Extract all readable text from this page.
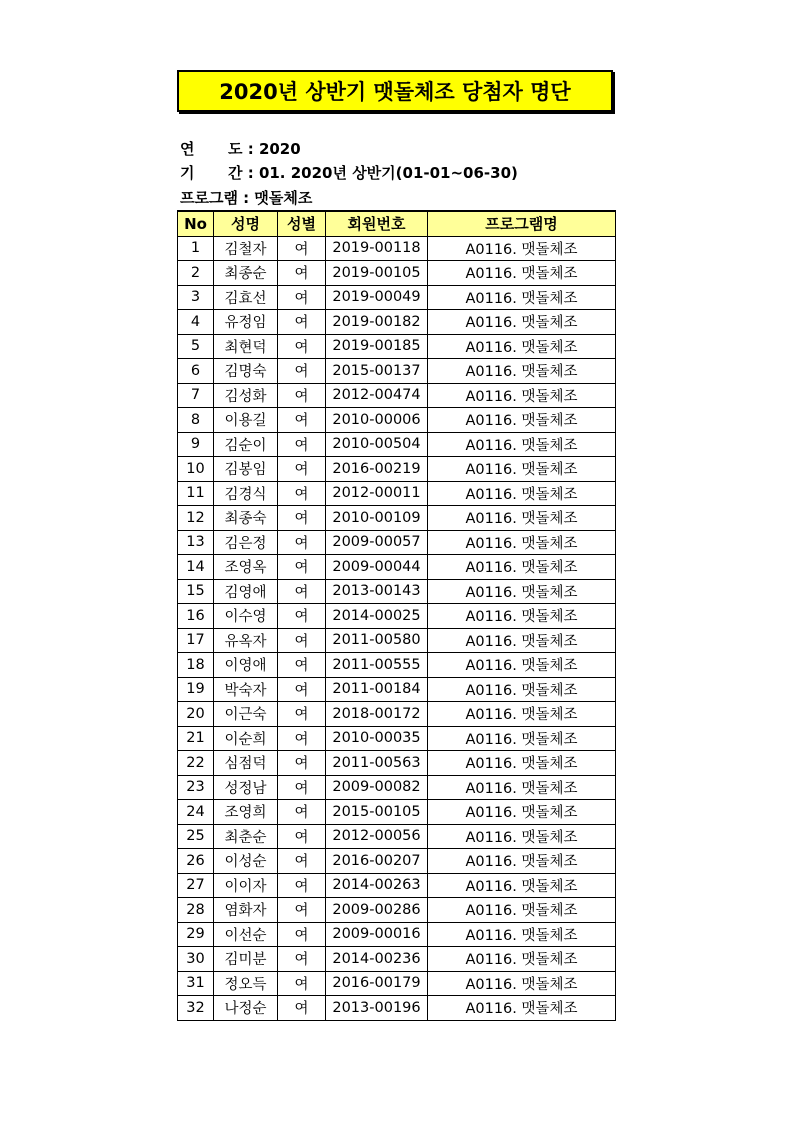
2020년 상반기 맷돌체조 당첨자 명단
연 도 : 2020
기 간 : 01. 2020년 상반기(01-01~06-30)
프로그램 : 맷돌체조
No	성명	성별	회원번호	프로그램명
1	김철자	여	2019-00118	A0116. 맷돌체조
2	최종순	여	2019-00105	A0116. 맷돌체조
3	김효선	여	2019-00049	A0116. 맷돌체조
4	유정임	여	2019-00182	A0116. 맷돌체조
5	최현덕	여	2019-00185	A0116. 맷돌체조
6	김명숙	여	2015-00137	A0116. 맷돌체조
7	김성화	여	2012-00474	A0116. 맷돌체조
8	이용길	여	2010-00006	A0116. 맷돌체조
9	김순이	여	2010-00504	A0116. 맷돌체조
10	김봉임	여	2016-00219	A0116. 맷돌체조
11	김경식	여	2012-00011	A0116. 맷돌체조
12	최종숙	여	2010-00109	A0116. 맷돌체조
13	김은정	여	2009-00057	A0116. 맷돌체조
14	조영옥	여	2009-00044	A0116. 맷돌체조
15	김영애	여	2013-00143	A0116. 맷돌체조
16	이수영	여	2014-00025	A0116. 맷돌체조
17	유옥자	여	2011-00580	A0116. 맷돌체조
18	이영애	여	2011-00555	A0116. 맷돌체조
19	박숙자	여	2011-00184	A0116. 맷돌체조
20	이근숙	여	2018-00172	A0116. 맷돌체조
21	이순희	여	2010-00035	A0116. 맷돌체조
22	심점덕	여	2011-00563	A0116. 맷돌체조
23	성정남	여	2009-00082	A0116. 맷돌체조
24	조영희	여	2015-00105	A0116. 맷돌체조
25	최춘순	여	2012-00056	A0116. 맷돌체조
26	이성순	여	2016-00207	A0116. 맷돌체조
27	이이자	여	2014-00263	A0116. 맷돌체조
28	염화자	여	2009-00286	A0116. 맷돌체조
29	이선순	여	2009-00016	A0116. 맷돌체조
30	김미분	여	2014-00236	A0116. 맷돌체조
31	정오득	여	2016-00179	A0116. 맷돌체조
32	나정순	여	2013-00196	A0116. 맷돌체조
